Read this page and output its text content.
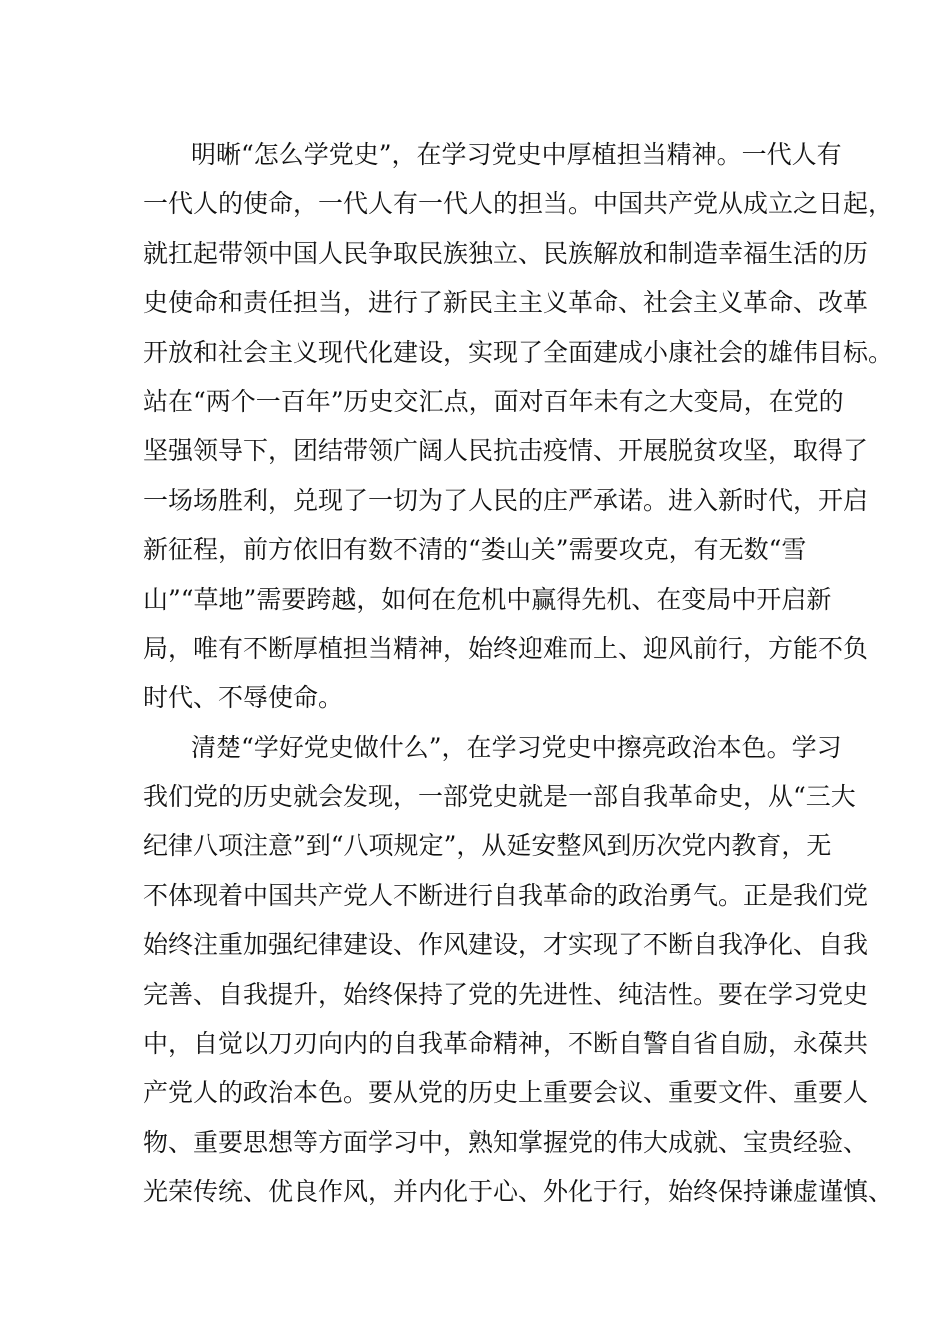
明晰“怎么学党史”，在学习党史中厚植担当精神。一代人有
一代人的使命，一代人有一代人的担当。中国共产党从成立之日起，
就扛起带领中国人民争取民族独立、民族解放和制造幸福生活的历
史使命和责任担当，进行了新民主主义革命、社会主义革命、改革
开放和社会主义现代化建设，实现了全面建成小康社会的雄伟目标。
站在“两个一百年”历史交汇点，面对百年未有之大变局，在党的
坚强领导下，团结带领广阔人民抗击疫情、开展脱贫攻坚，取得了
一场场胜利，兑现了一切为了人民的庄严承诺。进入新时代，开启
新征程，前方依旧有数不清的“娄山关”需要攻克，有无数“雪
山”“草地”需要跨越，如何在危机中赢得先机、在变局中开启新
局，唯有不断厚植担当精神，始终迎难而上、迎风前行，方能不负
时代、不辱使命。
清楚“学好党史做什么”，在学习党史中擦亮政治本色。学习
我们党的历史就会发现，一部党史就是一部自我革命史，从“三大
纪律八项注意”到“八项规定”，从延安整风到历次党内教育，无
不体现着中国共产党人不断进行自我革命的政治勇气。正是我们党
始终注重加强纪律建设、作风建设，才实现了不断自我净化、自我
完善、自我提升，始终保持了党的先进性、纯洁性。要在学习党史
中，自觉以刀刃向内的自我革命精神，不断自警自省自励，永葆共
产党人的政治本色。要从党的历史上重要会议、重要文件、重要人
物、重要思想等方面学习中，熟知掌握党的伟大成就、宝贵经验、
光荣传统、优良作风，并内化于心、外化于行，始终保持谦虚谨慎、
